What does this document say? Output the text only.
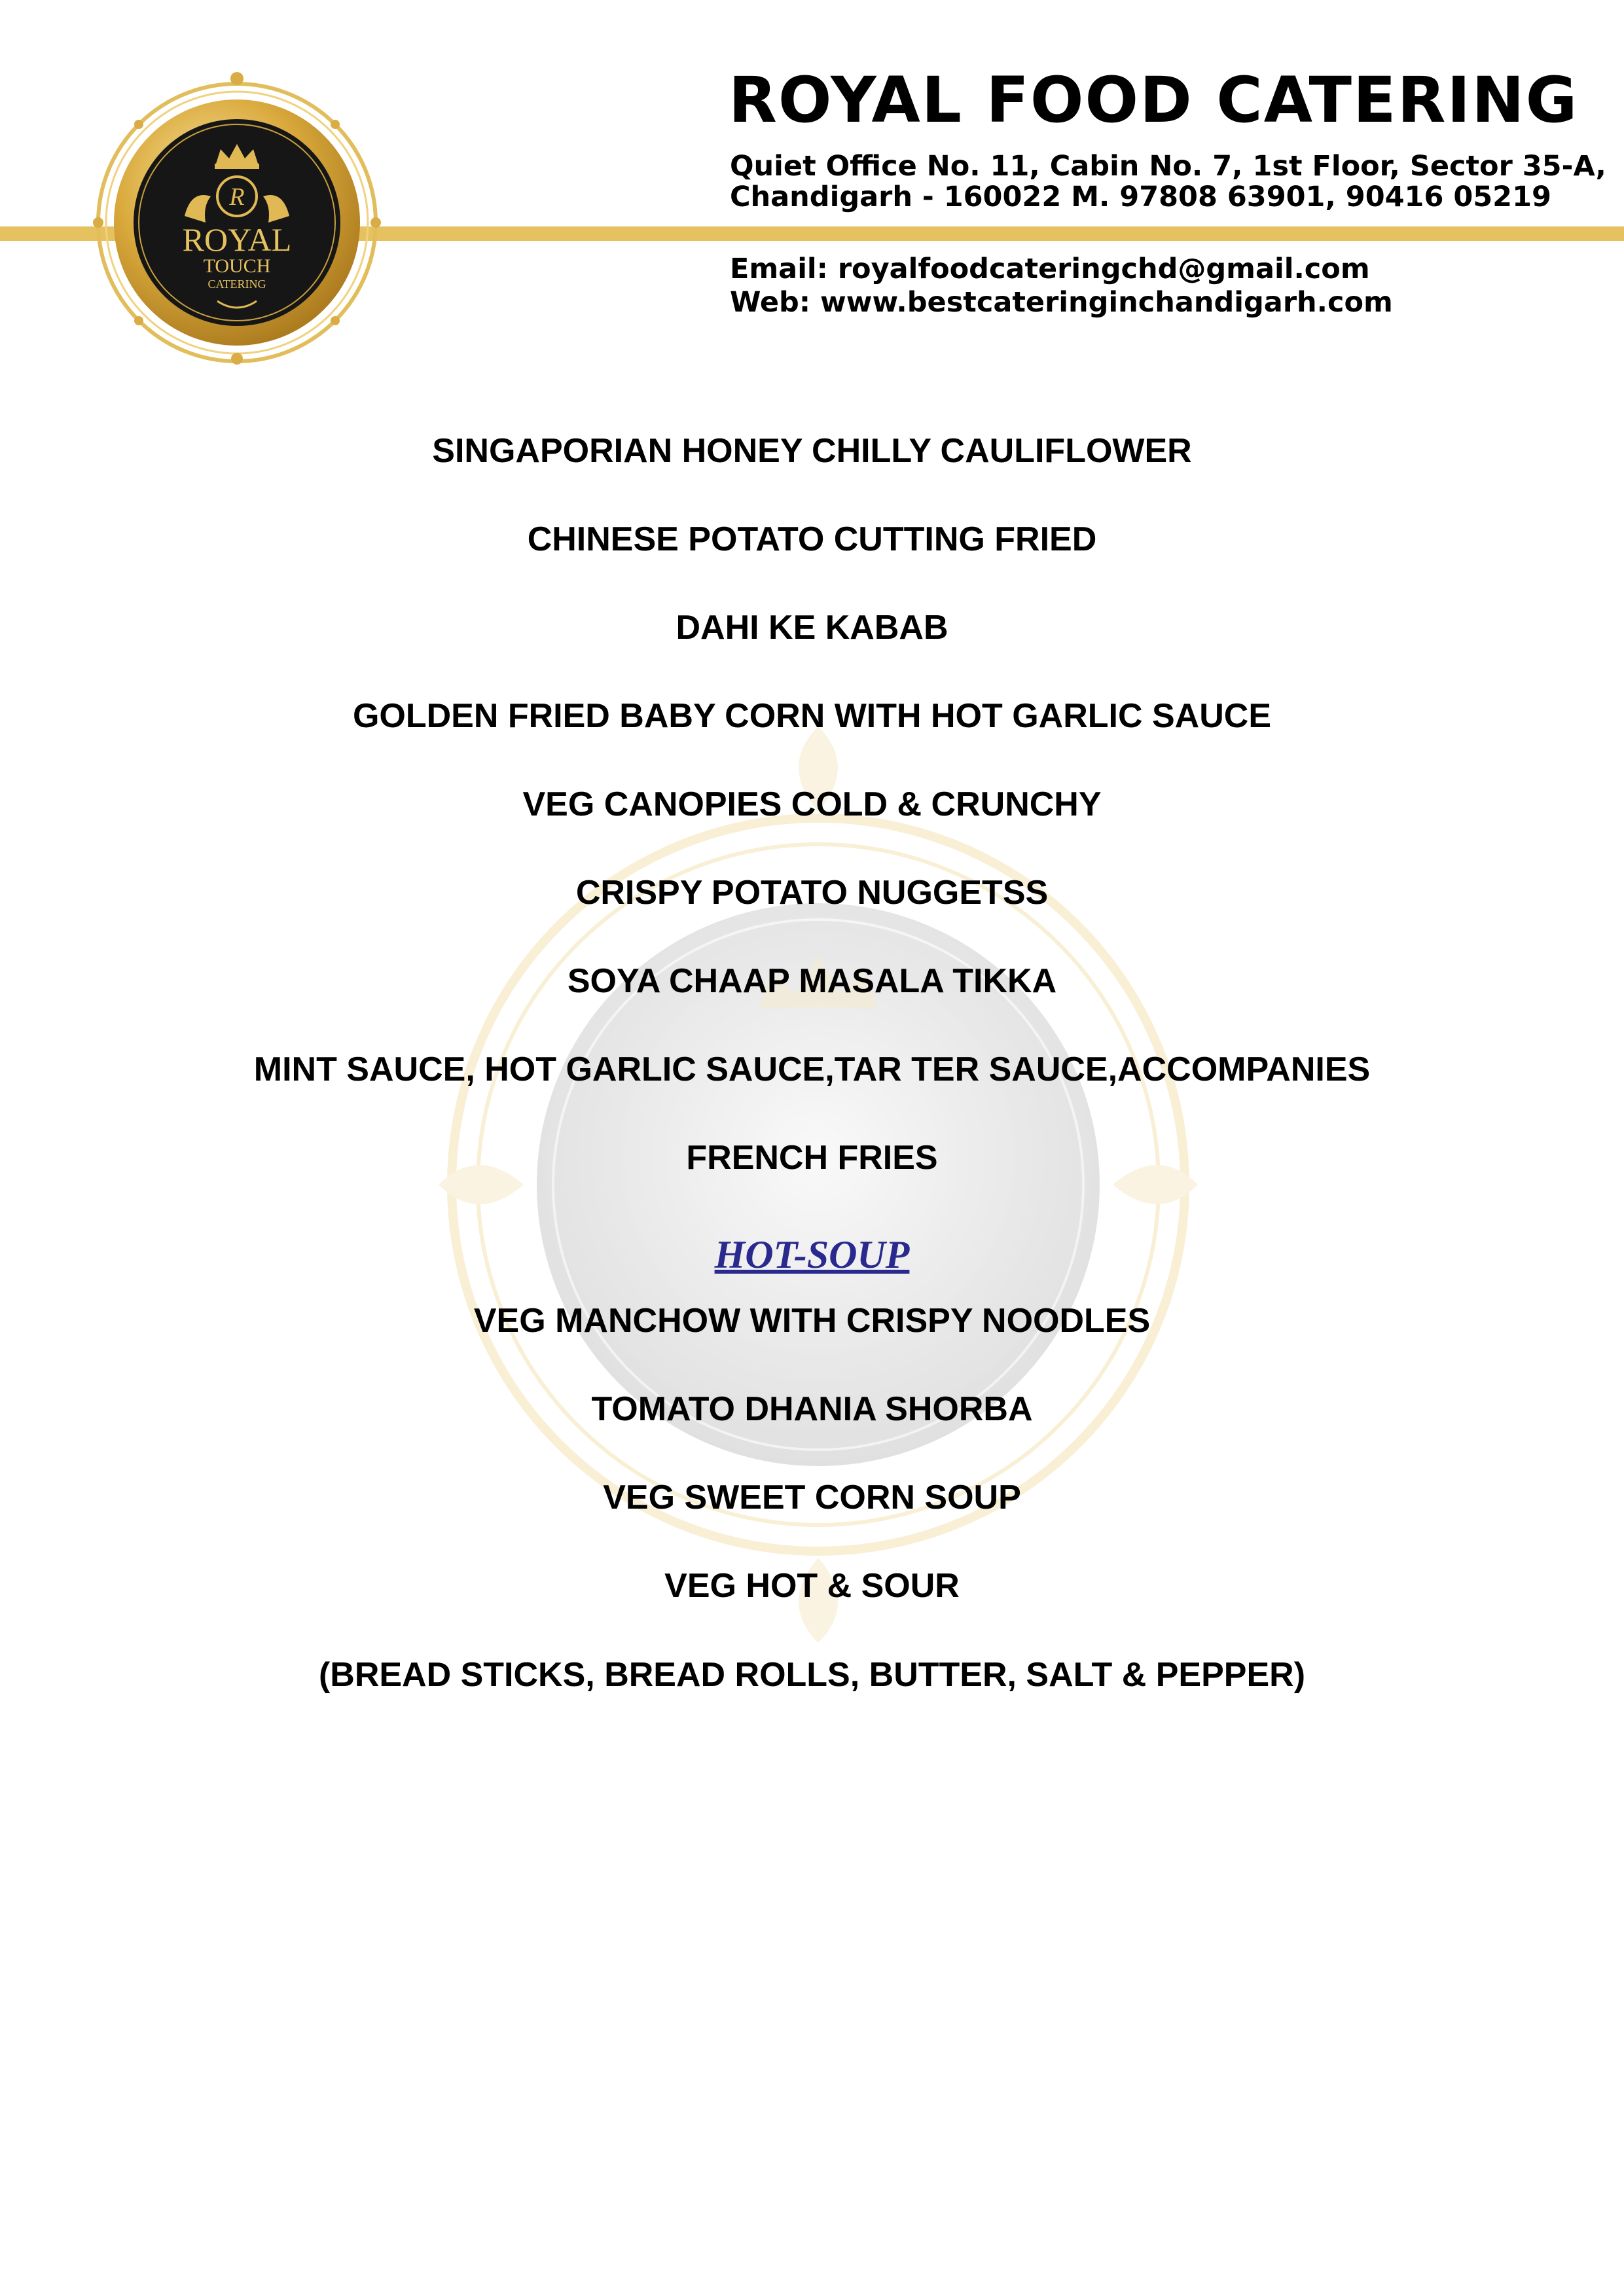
R
ROYAL
TOUCH
CATERING
ROYAL FOOD CATERING
Quiet Office No. 11, Cabin No. 7, 1st Floor, Sector 35-A,
Chandigarh - 160022 M. 97808 63901, 90416 05219
Email: royalfoodcateringchd@gmail.com
Web: www.bestcateringinchandigarh.com
SINGAPORIAN HONEY CHILLY CAULIFLOWER
CHINESE POTATO CUTTING FRIED
DAHI KE KABAB
GOLDEN FRIED BABY CORN WITH HOT GARLIC SAUCE
VEG CANOPIES COLD & CRUNCHY
CRISPY POTATO NUGGETSS
SOYA CHAAP MASALA TIKKA
MINT SAUCE, HOT GARLIC SAUCE,TAR TER SAUCE,ACCOMPANIES
FRENCH FRIES
HOT-SOUP
VEG MANCHOW WITH CRISPY NOODLES
TOMATO DHANIA SHORBA
VEG SWEET CORN SOUP
VEG HOT & SOUR
(BREAD STICKS, BREAD ROLLS, BUTTER, SALT & PEPPER)
